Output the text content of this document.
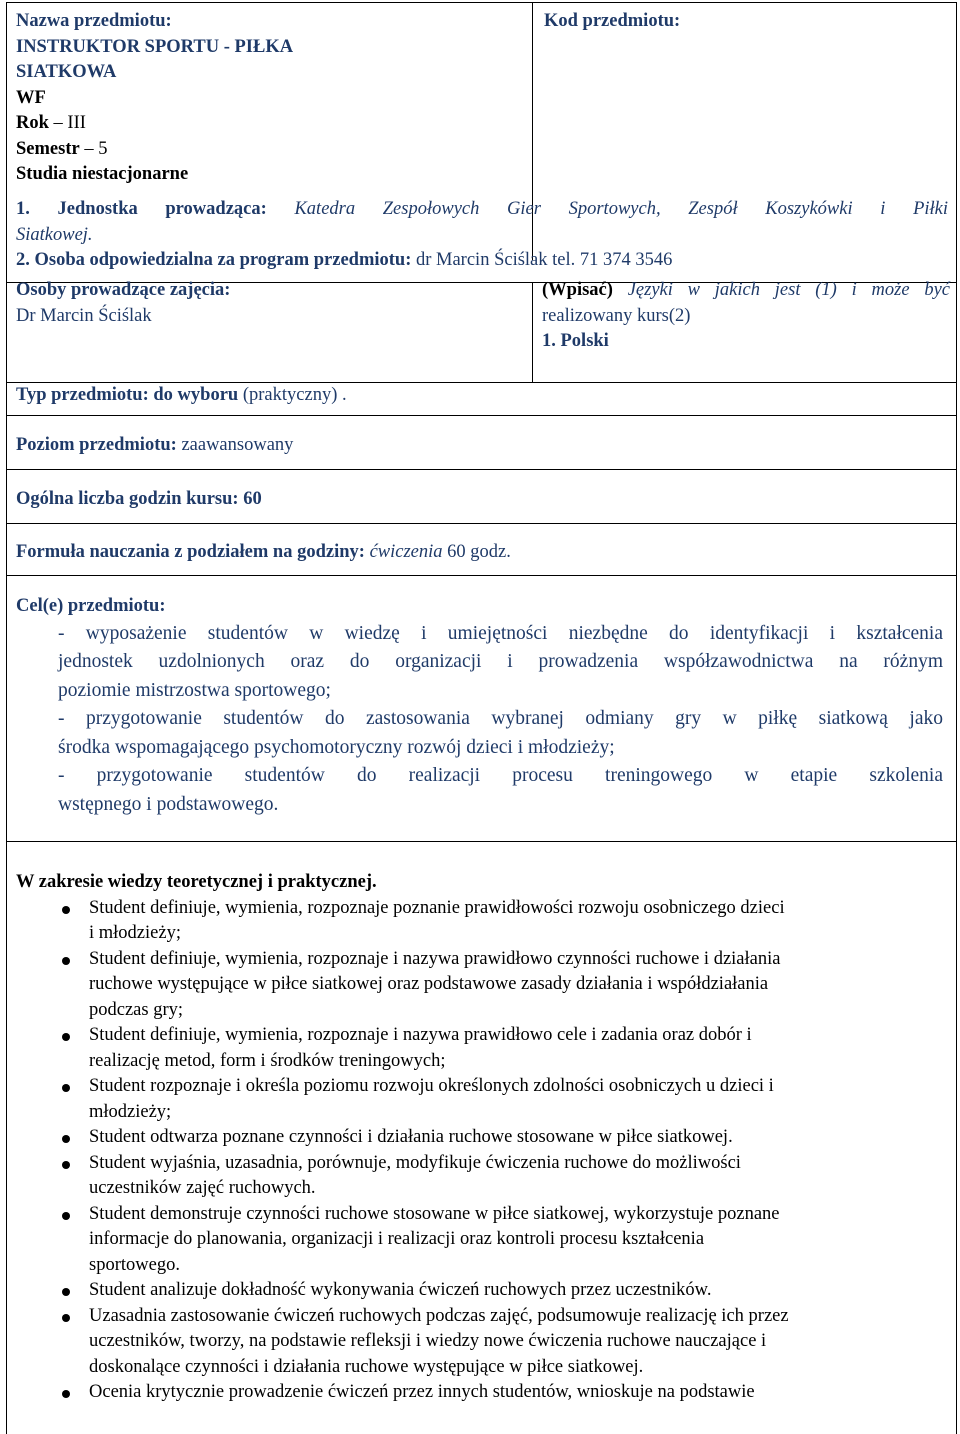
Nazwa przedmiotu:
INSTRUKTOR SPORTU - PIŁKA
SIATKOWA
WF
Rok – III
Semestr – 5
Studia niestacjonarne
Kod przedmiotu:
1. Jednostka prowadząca: Katedra Zespołowych Gier Sportowych, Zespół Koszykówki i Piłki
Siatkowej.
2. Osoba odpowiedzialna za program przedmiotu: dr Marcin Ściślak tel. 71 374 3546
Osoby prowadzące zajęcia:
Dr Marcin Ściślak
(Wpisać) Języki w jakich jest (1) i może być
realizowany kurs(2)
1. Polski
Typ przedmiotu: do wyboru (praktyczny) .
Poziom przedmiotu: zaawansowany
Ogólna liczba godzin kursu: 60
Formuła nauczania z podziałem na godziny: ćwiczenia 60 godz.
Cel(e) przedmiotu:
- wyposażenie studentów w wiedzę i umiejętności niezbędne do identyfikacji i kształcenia
jednostek uzdolnionych oraz do organizacji i prowadzenia współzawodnictwa na różnym
poziomie mistrzostwa sportowego;
- przygotowanie studentów do zastosowania wybranej odmiany gry w piłkę siatkową jako
środka wspomagającego psychomotoryczny rozwój dzieci i młodzieży;
- przygotowanie studentów do realizacji procesu treningowego w etapie szkolenia
wstępnego i podstawowego.
W zakresie wiedzy teoretycznej i praktycznej.
Student definiuje, wymienia, rozpoznaje poznanie prawidłowości rozwoju osobniczego dzieci
i młodzieży;
Student definiuje, wymienia, rozpoznaje i nazywa prawidłowo czynności ruchowe i działania
ruchowe występujące w piłce siatkowej oraz podstawowe zasady działania i współdziałania
podczas gry;
Student definiuje, wymienia, rozpoznaje i nazywa prawidłowo cele i zadania oraz dobór i
realizację metod, form i środków treningowych;
Student rozpoznaje i określa poziomu rozwoju określonych zdolności osobniczych u dzieci i
młodzieży;
Student odtwarza poznane czynności i działania ruchowe stosowane w piłce siatkowej.
Student wyjaśnia, uzasadnia, porównuje, modyfikuje ćwiczenia ruchowe do możliwości
uczestników zajęć ruchowych.
Student demonstruje czynności ruchowe stosowane w piłce siatkowej, wykorzystuje poznane
informacje do planowania, organizacji i realizacji oraz kontroli procesu kształcenia
sportowego.
Student analizuje dokładność wykonywania ćwiczeń ruchowych przez uczestników.
Uzasadnia zastosowanie ćwiczeń ruchowych podczas zajęć, podsumowuje realizację ich przez
uczestników, tworzy, na podstawie refleksji i wiedzy nowe ćwiczenia ruchowe nauczające i
doskonalące czynności i działania ruchowe występujące w piłce siatkowej.
Ocenia krytycznie prowadzenie ćwiczeń przez innych studentów, wnioskuje na podstawie
